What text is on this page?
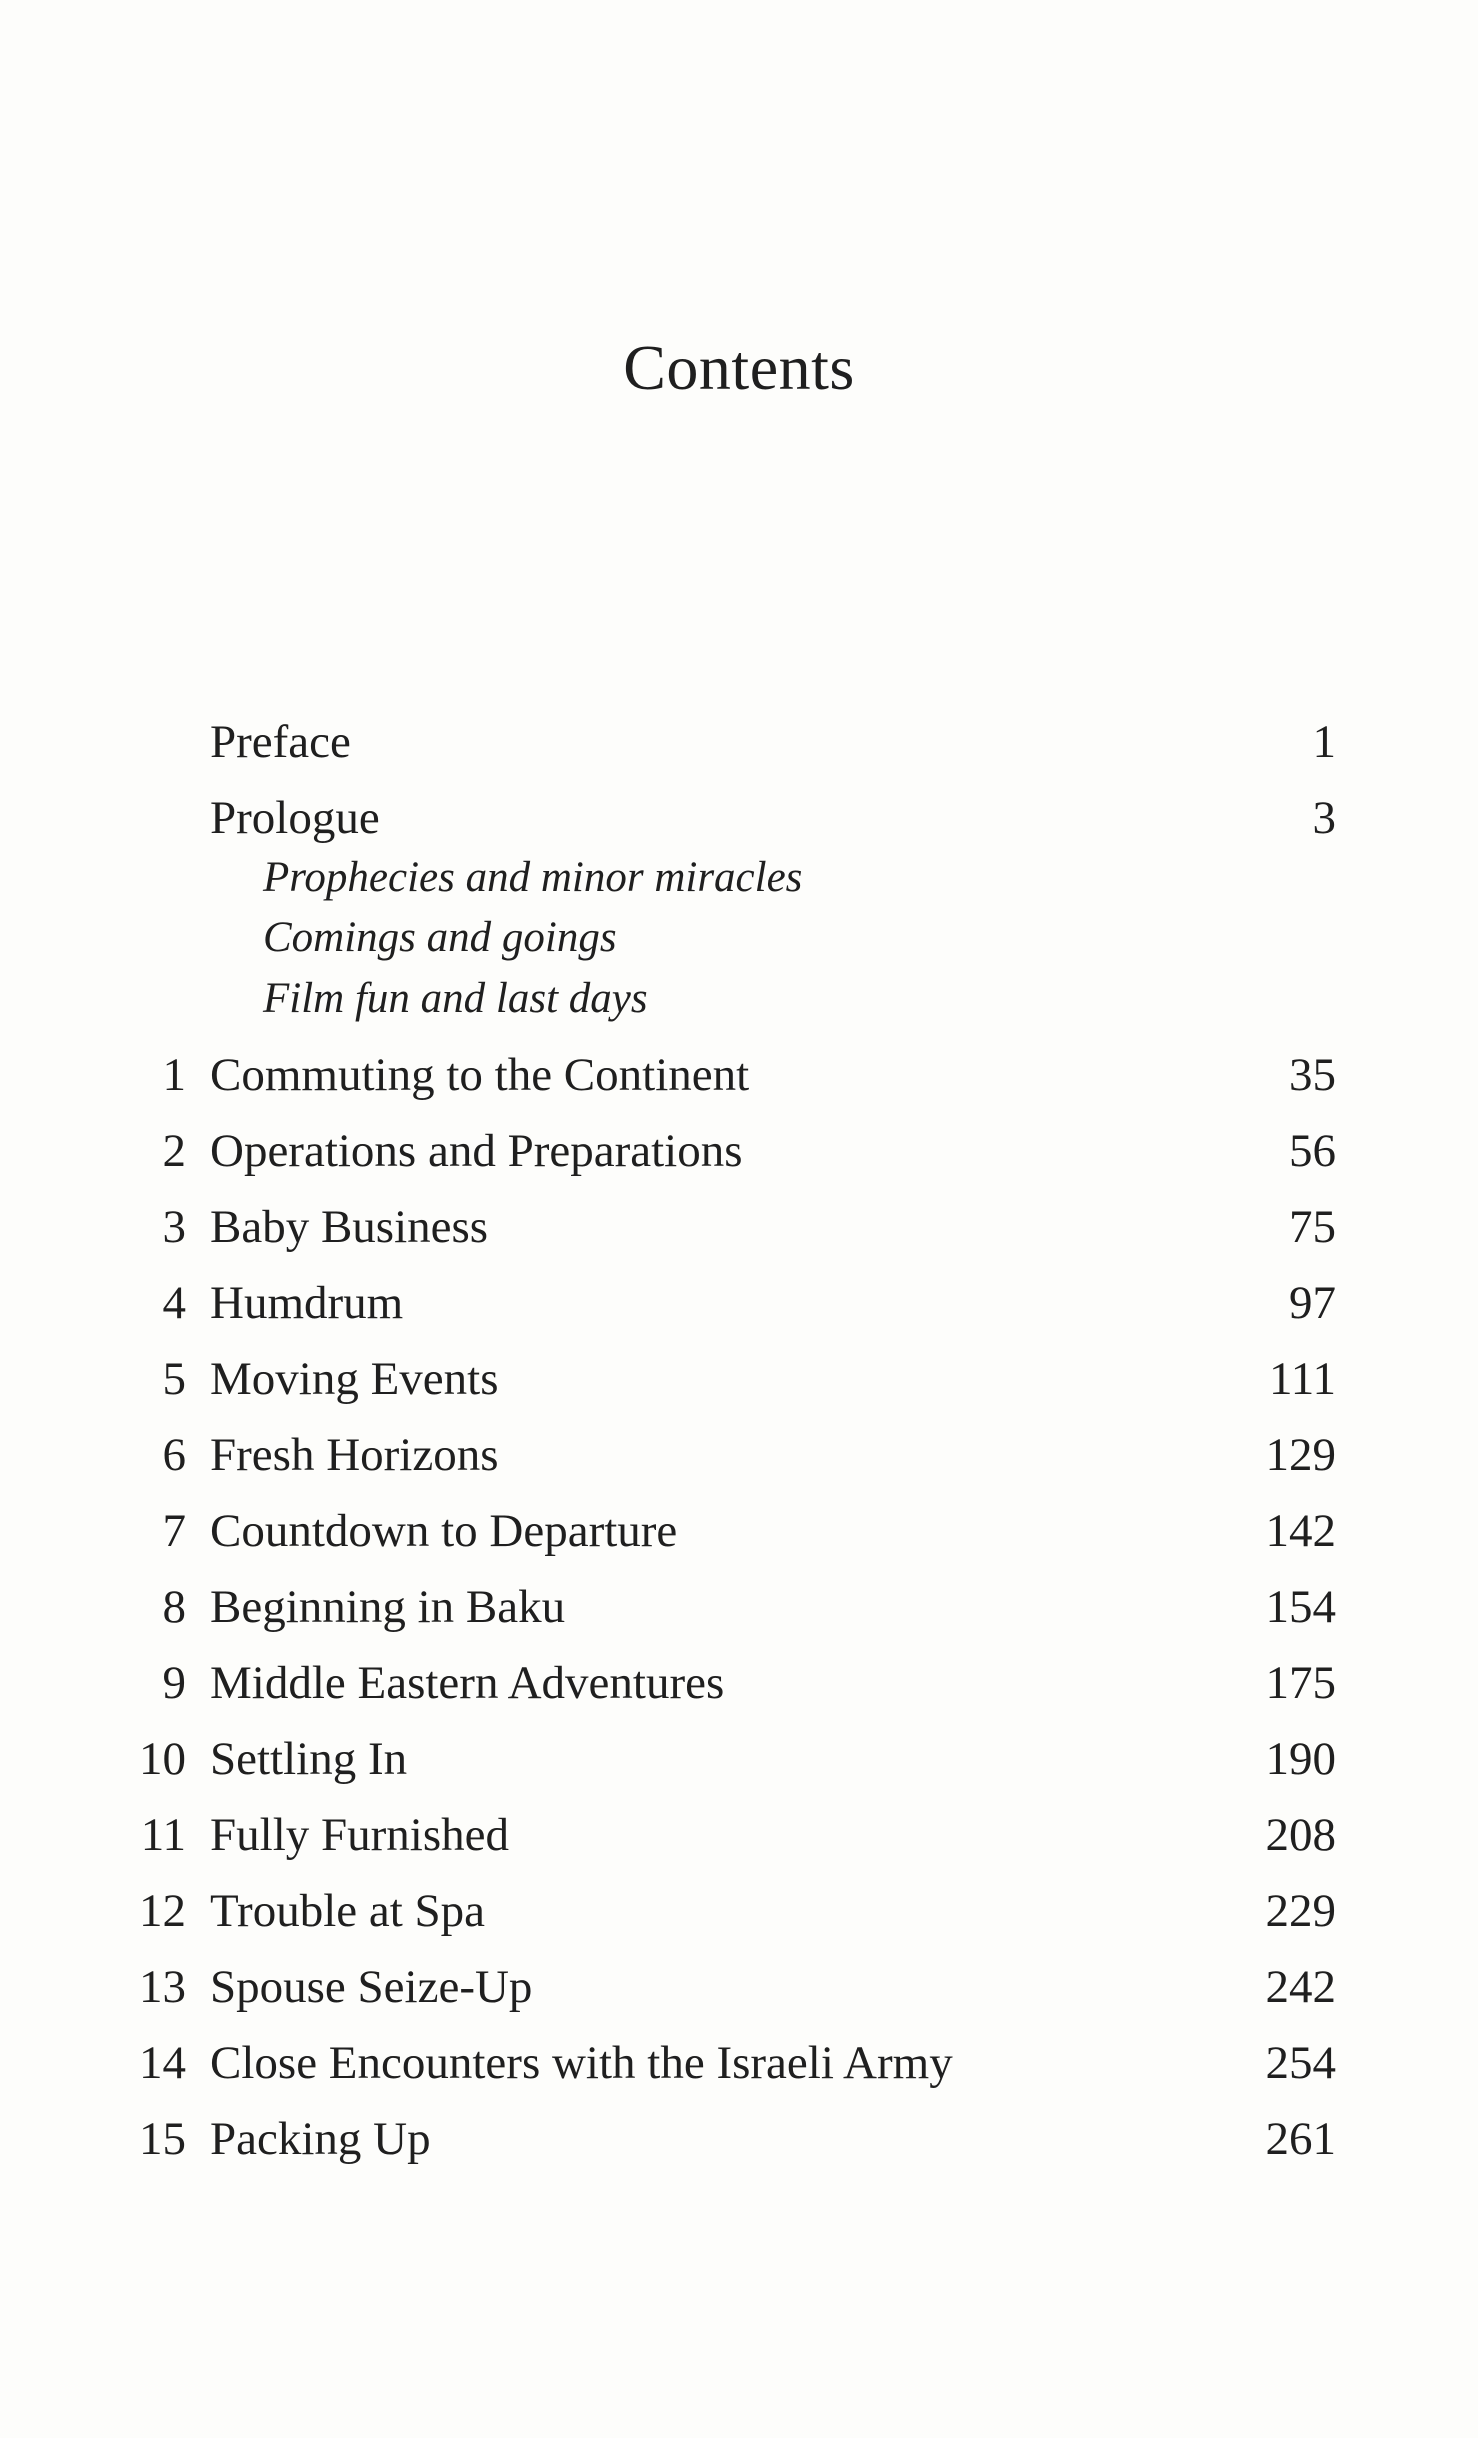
Contents
Preface	1
Prologue	3
Prophecies and minor miracles
Comings and goings
Film fun and last days
1 Commuting to the Continent	35
2 Operations and Preparations	56
3 Baby Business	75
4 Humdrum	97
5 Moving Events	111
6 Fresh Horizons	129
7 Countdown to Departure	142
8 Beginning in Baku	154
9 Middle Eastern Adventures	175
10 Settling In	190
11 Fully Furnished	208
12 Trouble at Spa	229
13 Spouse Seize-Up	242
14 Close Encounters with the Israeli Army	254
15 Packing Up	261
